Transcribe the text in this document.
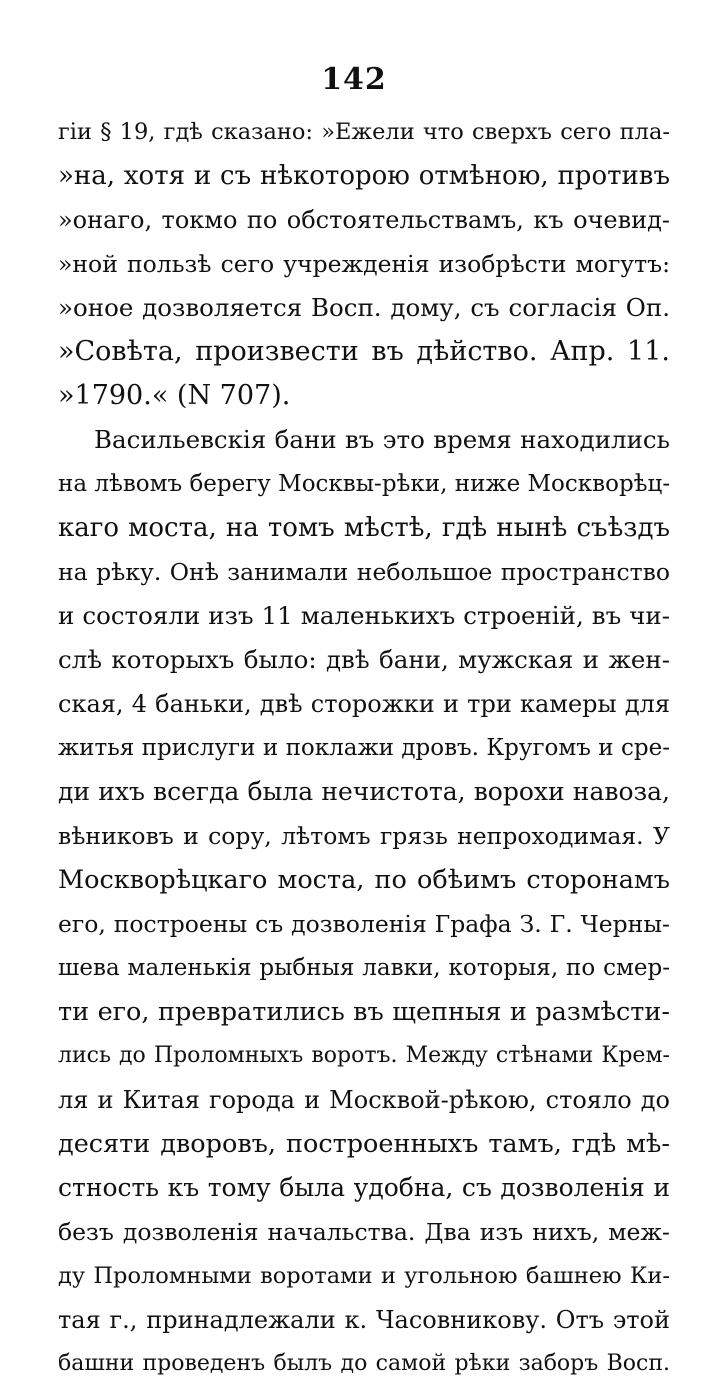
142
гіи § 19, гдѣ сказано: »Ежели что сверхъ сего пла-
»на, хотя и съ нѣкоторою отмѣною, противъ
»онаго, токмо по обстоятельствамъ, къ очевид-
»ной пользѣ сего учрежденія изобрѣсти могутъ:
»оное дозволяется Восп. дому, съ согласія Оп.
»Совѣта, произвести въ дѣйство. Апр. 11.
»1790.« (N 707).
Васильевскія бани въ это время находились
на лѣвомъ берегу Москвы-рѣки, ниже Москворѣц-
каго моста, на томъ мѣстѣ, гдѣ нынѣ съѣздъ
на рѣку. Онѣ занимали небольшое пространство
и состояли изъ 11 маленькихъ строеній, въ чи-
слѣ которыхъ было: двѣ бани, мужская и жен-
ская, 4 баньки, двѣ сторожки и три камеры для
житья прислуги и поклажи дровъ. Кругомъ и сре-
ди ихъ всегда была нечистота, ворохи навоза,
вѣниковъ и сору, лѣтомъ грязь непроходимая. У
Москворѣцкаго моста, по обѣимъ сторонамъ
его, построены съ дозволенія Графа З. Г. Черны-
шева маленькія рыбныя лавки, которыя, по смер-
ти его, превратились въ щепныя и размѣсти-
лись до Проломныхъ воротъ. Между стѣнами Крем-
ля и Китая города и Москвой-рѣкою, стояло до
десяти дворовъ, построенныхъ тамъ, гдѣ мѣ-
стность къ тому была удобна, съ дозволенія и
безъ дозволенія начальства. Два изъ нихъ, меж-
ду Проломными воротами и угольною башнею Ки-
тая г., принадлежали к. Часовникову. Отъ этой
башни проведенъ былъ до самой рѣки заборъ Восп.
